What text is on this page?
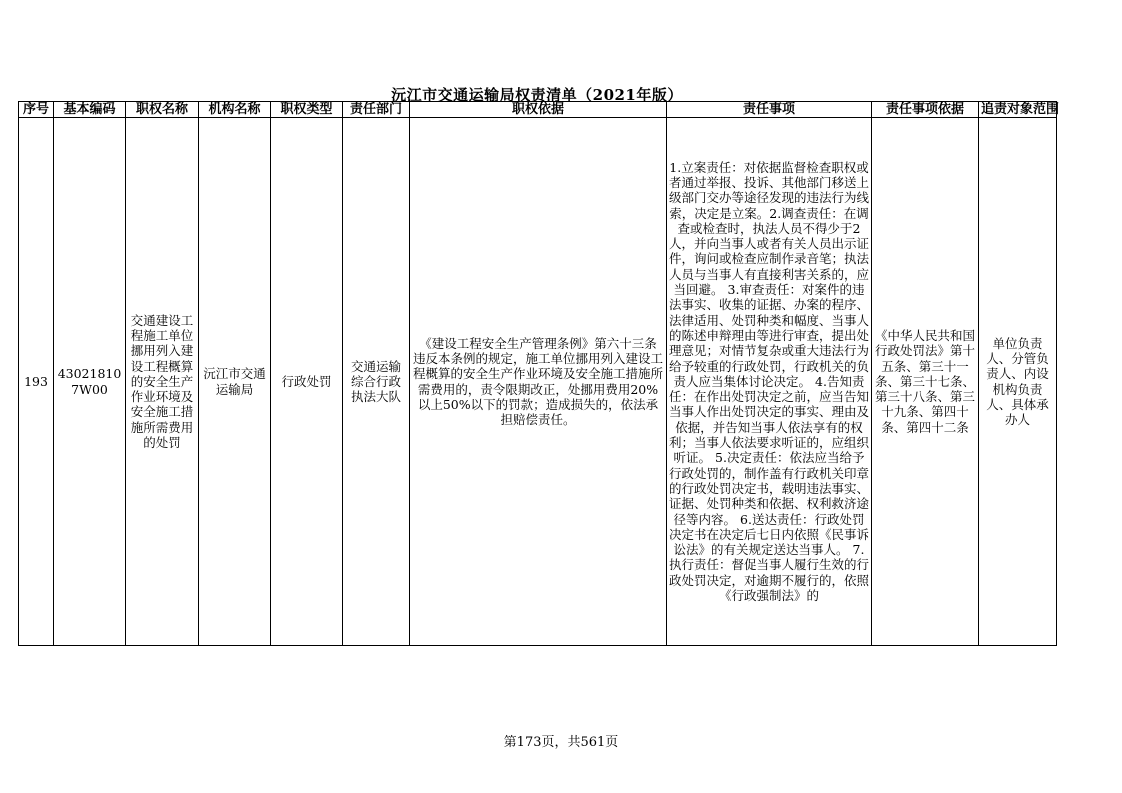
沅江市交通运输局权责清单（2021年版）
序号	基本编码	职权名称	机构名称	职权类型	责任部门	职权依据	责任事项	责任事项依据	追责对象范围
193	430218107W00	交通建设工程施工单位挪用列入建设工程概算的安全生产作业环境及安全施工措施所需费用的处罚	沅江市交通运输局	行政处罚	交通运输综合行政执法大队	《建设工程安全生产管理条例》第六十三条　违反本条例的规定，施工单位挪用列入建设工程概算的安全生产作业环境及安全施工措施所需费用的，责令限期改正，处挪用费用20%以上50%以下的罚款；造成损失的，依法承担赔偿责任。	1.立案责任：对依据监督检查职权或者通过举报、投诉、其他部门移送上级部门交办等途径发现的违法行为线索，决定是立案。2.调查责任：在调查或检查时，执法人员不得少于2人，并向当事人或者有关人员出示证件，询问或检查应制作录音笔；执法人员与当事人有直接利害关系的，应当回避。 3.审查责任：对案件的违法事实、收集的证据、办案的程序、法律适用、处罚种类和幅度、当事人的陈述申辩理由等进行审查，提出处理意见；对情节复杂或重大违法行为给予较重的行政处罚，行政机关的负责人应当集体讨论决定。 4.告知责任：在作出处罚决定之前，应当告知当事人作出处罚决定的事实、理由及依据，并告知当事人依法享有的权利；当事人依法要求听证的，应组织听证。 5.决定责任：依法应当给予行政处罚的，制作盖有行政机关印章的行政处罚决定书，载明违法事实、证据、处罚种类和依据、权利救济途径等内容。 6.送达责任：行政处罚决定书在决定后七日内依照《民事诉讼法》的有关规定送达当事人。 7.执行责任：督促当事人履行生效的行政处罚决定，对逾期不履行的，依照《行政强制法》的	《中华人民共和国行政处罚法》第十五条、第三十一条、第三十七条、第三十八条、第三十九条、第四十条、第四十二条	单位负责人、分管负责人、内设机构负责人、具体承办人
第173页，共561页
